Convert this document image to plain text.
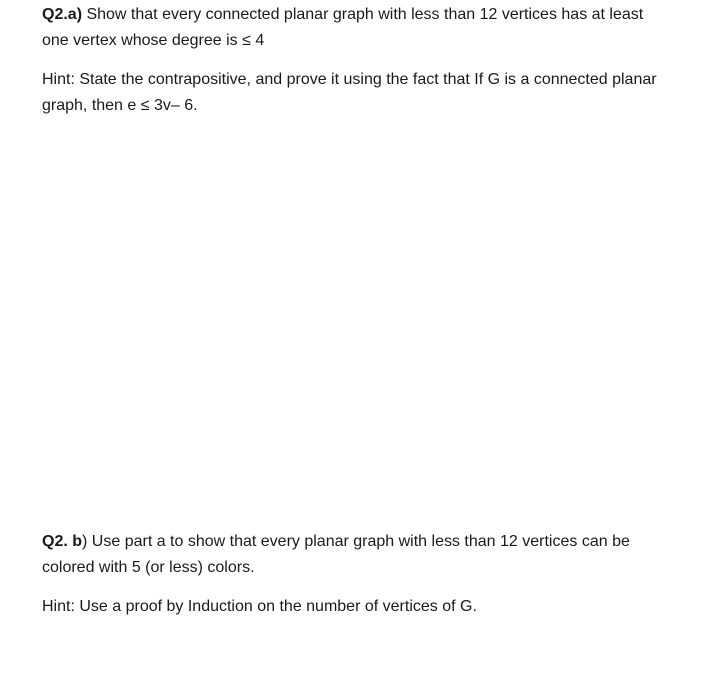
Q2.a) Show that every connected planar graph with less than 12 vertices has at least one vertex whose degree is ≤ 4

Hint: State the contrapositive, and prove it using the fact that If G is a connected planar graph, then e ≤ 3v– 6.

Q2. b) Use part a to show that every planar graph with less than 12 vertices can be colored with 5 (or less) colors.

Hint: Use a proof by Induction on the number of vertices of G.
